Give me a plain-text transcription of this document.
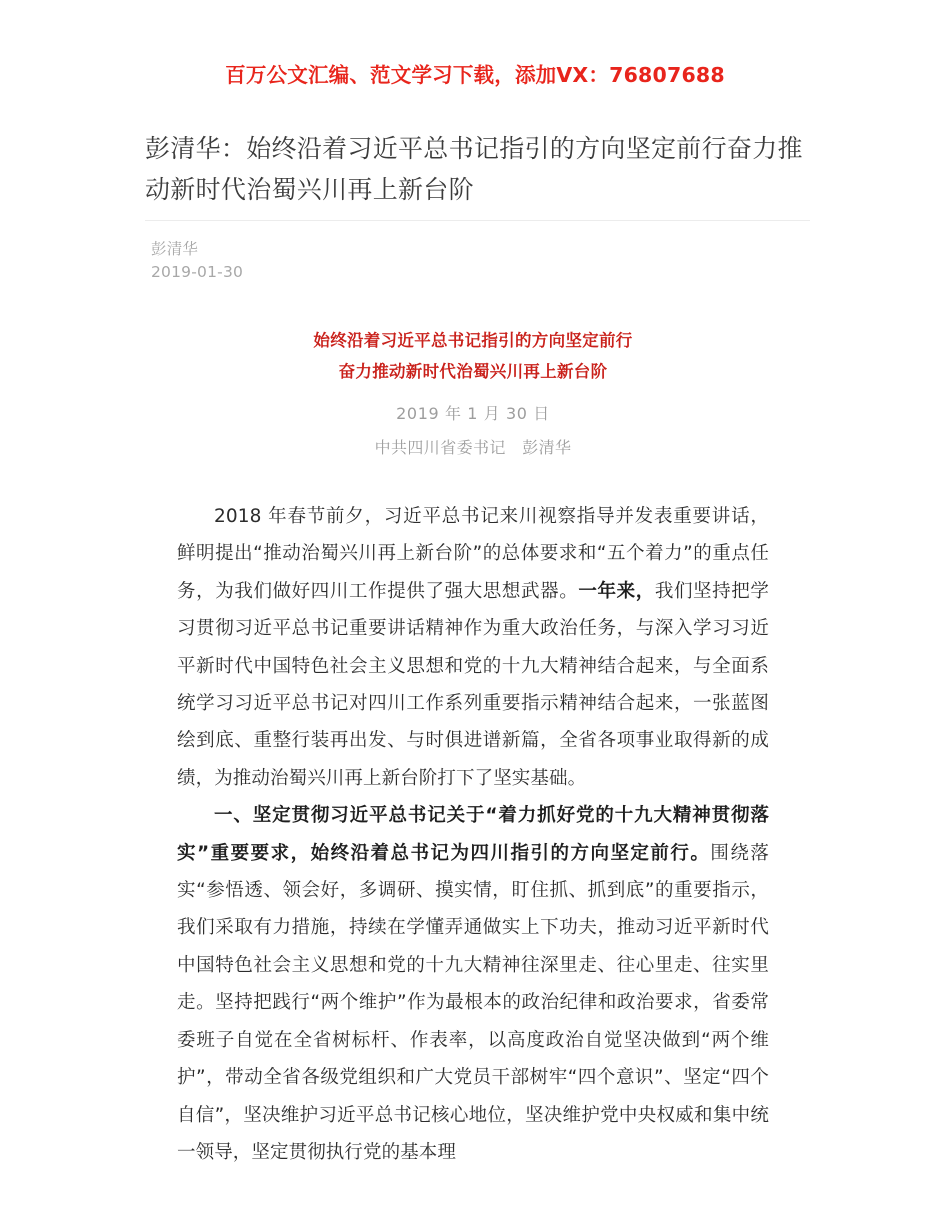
百万公文汇编、范文学习下载，添加VX：76807688
彭清华：始终沿着习近平总书记指引的方向坚定前行奋力推动新时代治蜀兴川再上新台阶
彭清华
2019-01-30
始终沿着习近平总书记指引的方向坚定前行
奋力推动新时代治蜀兴川再上新台阶
2019 年 1 月 30 日
中共四川省委书记　彭清华

2018 年春节前夕，习近平总书记来川视察指导并发表重要讲话，鲜明提出“推动治蜀兴川再上新台阶”的总体要求和“五个着力”的重点任务，为我们做好四川工作提供了强大思想武器。一年来，我们坚持把学习贯彻习近平总书记重要讲话精神作为重大政治任务，与深入学习习近平新时代中国特色社会主义思想和党的十九大精神结合起来，与全面系统学习习近平总书记对四川工作系列重要指示精神结合起来，一张蓝图绘到底、重整行装再出发、与时俱进谱新篇，全省各项事业取得新的成绩，为推动治蜀兴川再上新台阶打下了坚实基础。

一、坚定贯彻习近平总书记关于“着力抓好党的十九大精神贯彻落实”重要要求，始终沿着总书记为四川指引的方向坚定前行。围绕落实“参悟透、领会好，多调研、摸实情，盯住抓、抓到底”的重要指示，我们采取有力措施，持续在学懂弄通做实上下功夫，推动习近平新时代中国特色社会主义思想和党的十九大精神往深里走、往心里走、往实里走。坚持把践行“两个维护”作为最根本的政治纪律和政治要求，省委常委班子自觉在全省树标杆、作表率，以高度政治自觉坚决做到“两个维护”，带动全省各级党组织和广大党员干部树牢“四个意识”、坚定“四个自信”，坚决维护习近平总书记核心地位，坚决维护党中央权威和集中统一领导，坚定贯彻执行党的基本理
